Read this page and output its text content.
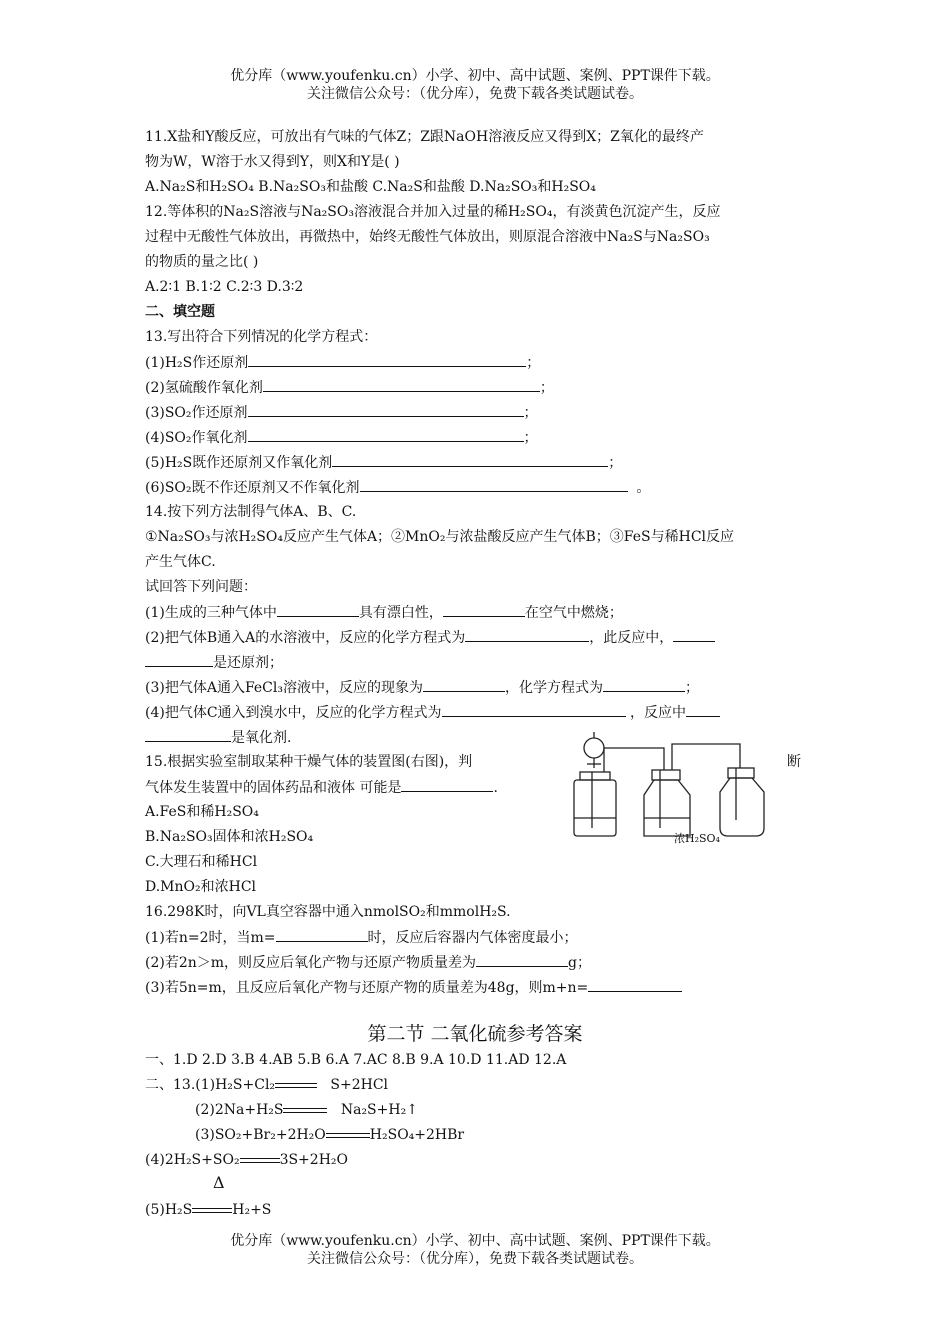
优分库（www.youfenku.cn）小学、初中、高中试题、案例、PPT课件下载。
关注微信公众号：（优分库），免费下载各类试题试卷。
11.X盐和Y酸反应，可放出有气味的气体Z；Z跟NaOH溶液反应又得到X；Z氧化的最终产
物为W，W溶于水又得到Y，则X和Y是( )
A.Na₂S和H₂SO₄ B.Na₂SO₃和盐酸 C.Na₂S和盐酸 D.Na₂SO₃和H₂SO₄
12.等体积的Na₂S溶液与Na₂SO₃溶液混合并加入过量的稀H₂SO₄，有淡黄色沉淀产生，反应
过程中无酸性气体放出，再微热中，始终无酸性气体放出，则原混合溶液中Na₂S与Na₂SO₃
的物质的量之比( )
A.2∶1 B.1∶2 C.2∶3 D.3∶2
二、填空题
13.写出符合下列情况的化学方程式：
(1)H₂S作还原剂	；
(2)氢硫酸作氧化剂	；
(3)SO₂作还原剂	；
(4)SO₂作氧化剂	；
(5)H₂S既作还原剂又作氧化剂	；
(6)SO₂既不作还原剂又不作氧化剂	。
14.按下列方法制得气体A、B、C.
①Na₂SO₃与浓H₂SO₄反应产生气体A；②MnO₂与浓盐酸反应产生气体B；③FeS与稀HCl反应
产生气体C.
试回答下列问题：
(1)生成的三种气体中	具有漂白性，	在空气中燃烧；
(2)把气体B通入A的水溶液中，反应的化学方程式为	，此反应中，
是还原剂；
(3)把气体A通入FeCl₃溶液中，反应的现象为	，化学方程式为	；
(4)把气体C通入到溴水中，反应的化学方程式为	，反应中
是氧化剂.
15.根据实验室制取某种干燥气体的装置图(右图)，判	断
气体发生装置中的固体药品和液体 可能是	.
A.FeS和稀H₂SO₄
B.Na₂SO₃固体和浓H₂SO₄
C.大理石和稀HCl
D.MnO₂和浓HCl
浓H₂SO₄
16.298K时，向VL真空容器中通入nmolSO₂和mmolH₂S.
(1)若n=2时，当m=	时，反应后容器内气体密度最小；
(2)若2n＞m，则反应后氧化产物与还原产物质量差为	g；
(3)若5n=m，且反应后氧化产物与还原产物的质量差为48g，则m+n=
第二节 二氧化硫参考答案
一、1.D 2.D 3.B 4.AB 5.B 6.A 7.AC 8.B 9.A 10.D 11.AD 12.A
二、13.(1)H₂S+Cl₂	S+2HCl
(2)2Na+H₂S	Na₂S+H₂↑
(3)SO₂+Br₂+2H₂O	H₂SO₄+2HBr
(4)2H₂S+SO₂	3S+2H₂O
Δ
(5)H₂S	H₂+S
优分库（www.youfenku.cn）小学、初中、高中试题、案例、PPT课件下载。
关注微信公众号：（优分库），免费下载各类试题试卷。
